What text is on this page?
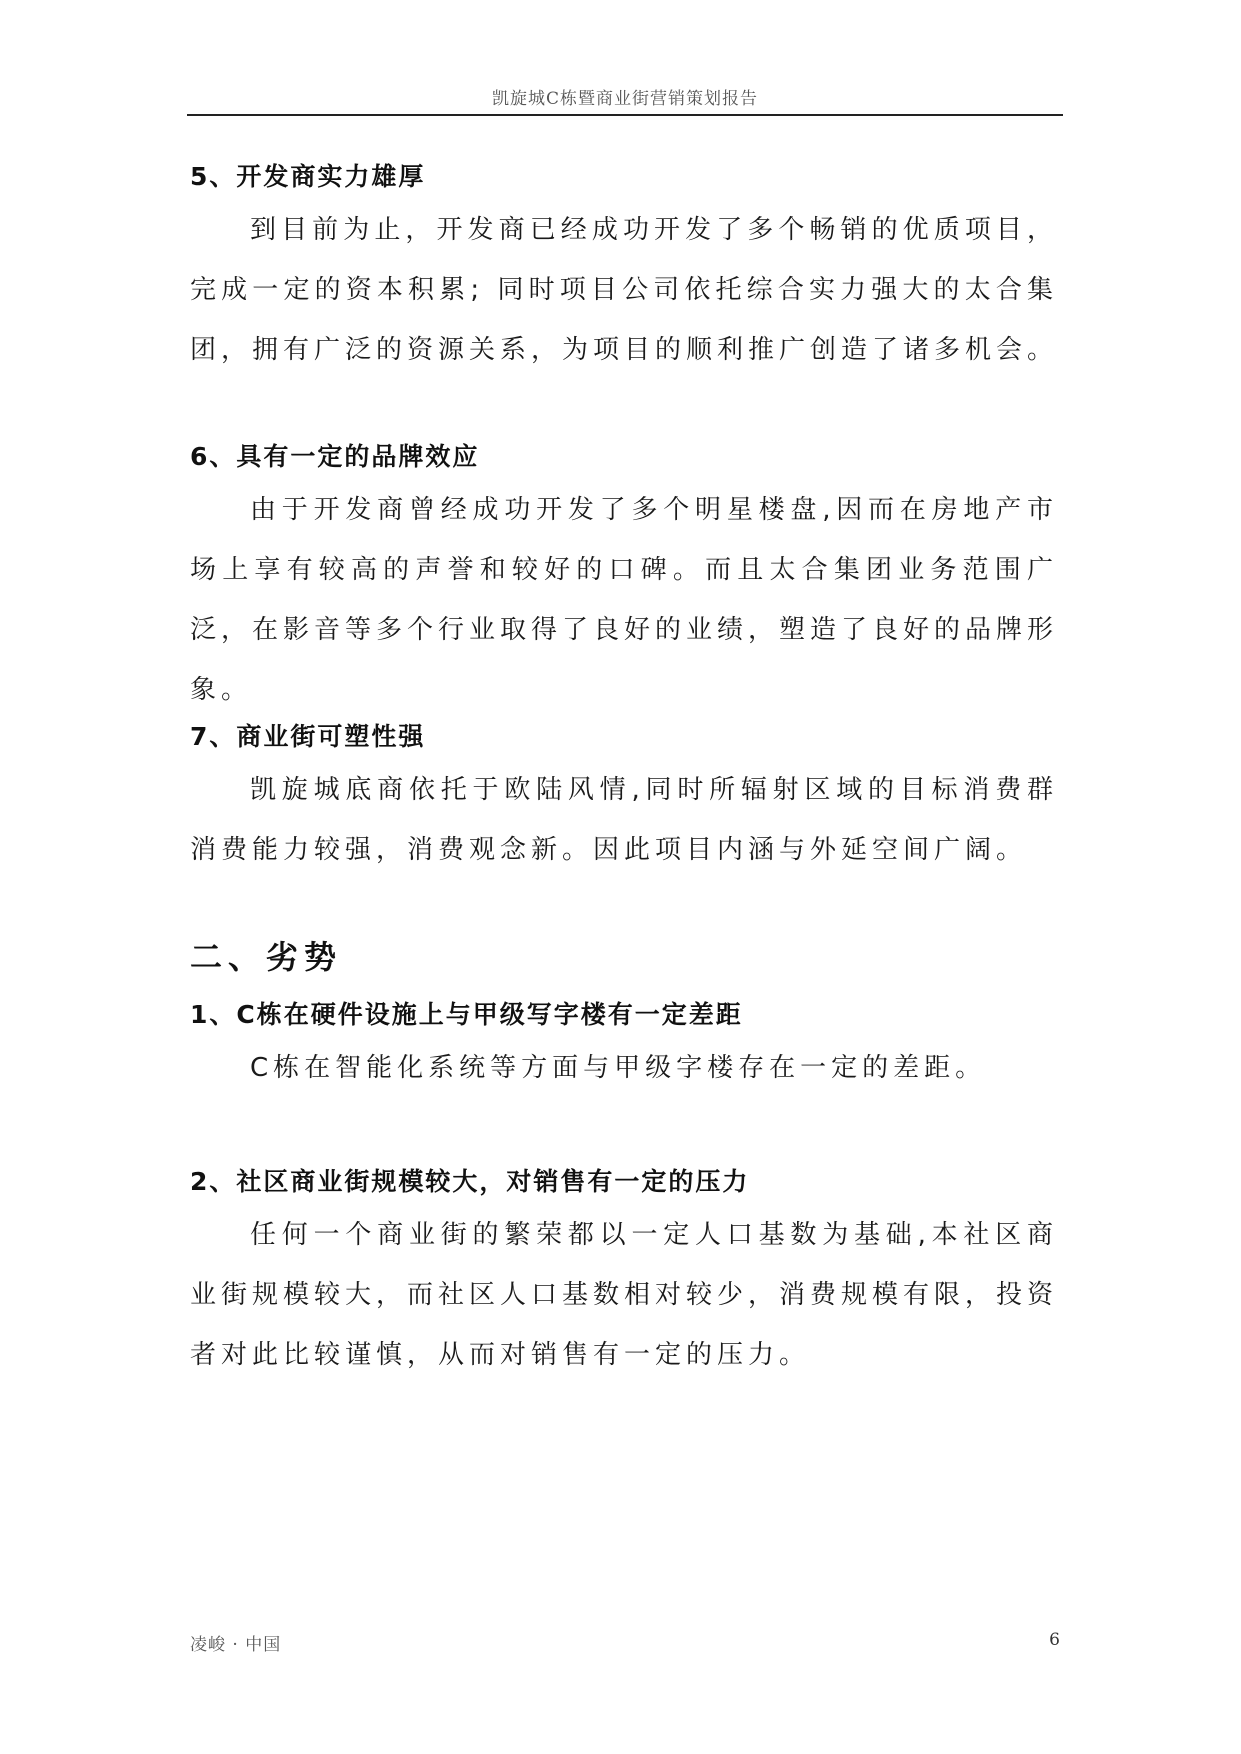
凯旋城C栋暨商业街营销策划报告
5、开发商实力雄厚
到目前为止，开发商已经成功开发了多个畅销的优质项目，完成一定的资本积累; 同时项目公司依托综合实力强大的太合集团，拥有广泛的资源关系，为项目的顺利推广创造了诸多机会。
6、具有一定的品牌效应
由于开发商曾经成功开发了多个明星楼盘,因而在房地产市场上享有较高的声誉和较好的口碑。而且太合集团业务范围广泛，在影音等多个行业取得了良好的业绩，塑造了良好的品牌形象。
7、商业街可塑性强
凯旋城底商依托于欧陆风情,同时所辐射区域的目标消费群消费能力较强，消费观念新。因此项目内涵与外延空间广阔。
二、劣势
1、C栋在硬件设施上与甲级写字楼有一定差距
C栋在智能化系统等方面与甲级字楼存在一定的差距。
2、社区商业街规模较大，对销售有一定的压力
任何一个商业街的繁荣都以一定人口基数为基础,本社区商业街规模较大，而社区人口基数相对较少，消费规模有限，投资者对此比较谨慎，从而对销售有一定的压力。
凌峻 · 中国	6
